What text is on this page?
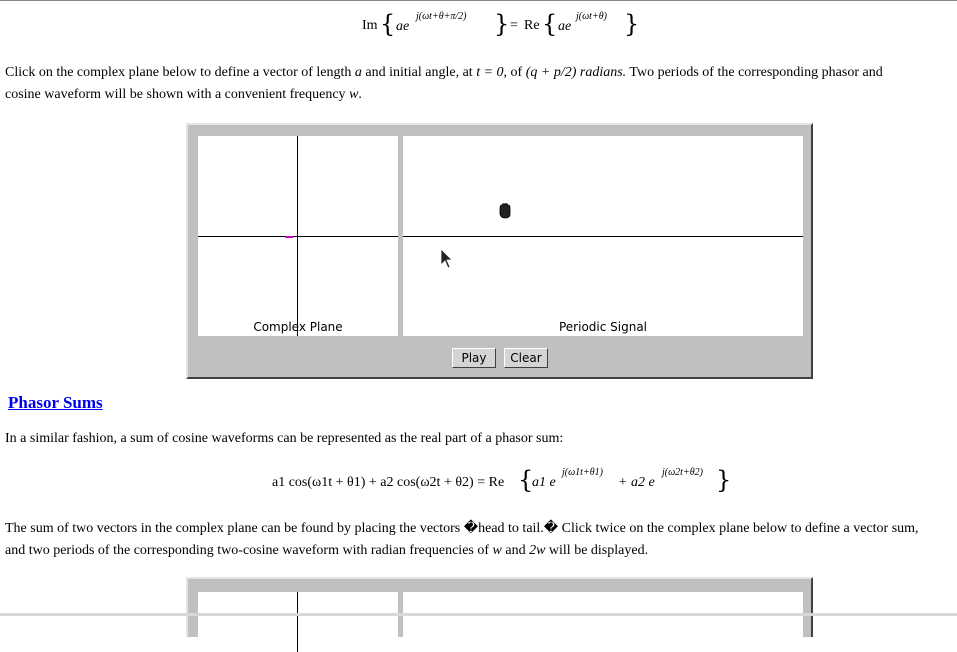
Im { ae
j(ωt+θ+π/2) } = Re { ae
j(ωt+θ) }
Click on the complex plane below to define a vector of length a and initial angle, at t = 0, of (q + p/2) radians. Two periods of the corresponding phasor and
cosine waveform will be shown with a convenient frequency w.
Complex Plane	Periodic Signal
Play	Clear
Phasor Sums
In a similar fashion, a sum of cosine waveforms can be represented as the real part of a phasor sum:
a1 cos(ω1t + θ1) + a2 cos(ω2t + θ2) = Re {
a1 e
j(ω1t+θ1)
+ a2 e
j(ω2t+θ2) }
The sum of two vectors in the complex plane can be found by placing the vectors �head to tail.� Click twice on the complex plane below to define a vector sum,
and two periods of the corresponding two-cosine waveform with radian frequencies of w and 2w will be displayed.
